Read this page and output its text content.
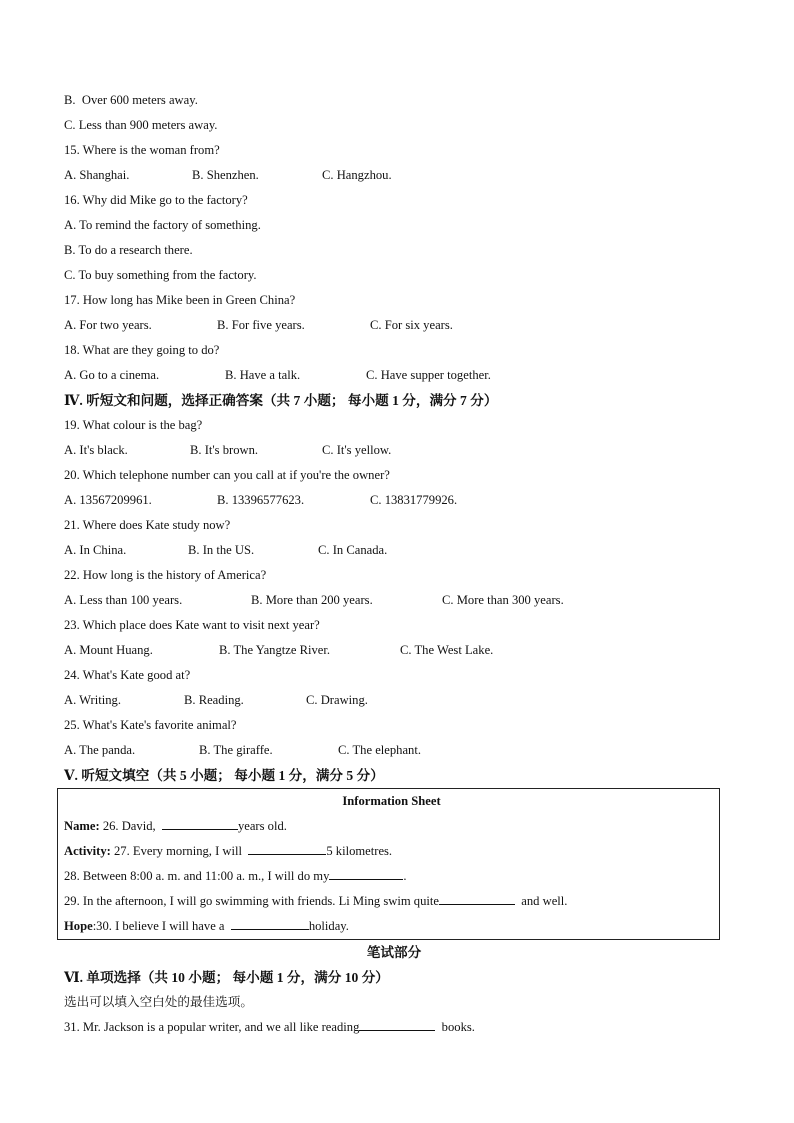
B. Over 600 meters away.
C. Less than 900 meters away.
15. Where is the woman from?
A. Shanghai.	B. Shenzhen.	C. Hangzhou.
16. Why did Mike go to the factory?
A. To remind the factory of something.
B. To do a research there.
C. To buy something from the factory.
17. How long has Mike been in Green China?
A. For two years.	B. For five years.	C. For six years.
18. What are they going to do?
A. Go to a cinema.	B. Have a talk.	C. Have supper together.
Ⅳ. 听短文和问题，选择正确答案（共 7 小题； 每小题 1 分，满分 7 分）
19. What colour is the bag?
A. It's black.	B. It's brown.	C. It's yellow.
20. Which telephone number can you call at if you're the owner?
A. 13567209961.	B. 13396577623.	C. 13831779926.
21. Where does Kate study now?
A. In China.	B. In the US.	C. In Canada.
22. How long is the history of America?
A. Less than 100 years.	B. More than 200 years.	C. More than 300 years.
23. Which place does Kate want to visit next year?
A. Mount Huang.	B. The Yangtze River.	C. The West Lake.
24. What's Kate good at?
A. Writing.	B. Reading.	C. Drawing.
25. What's Kate's favorite animal?
A. The panda.	B. The giraffe.	C. The elephant.
Ⅴ. 听短文填空（共 5 小题； 每小题 1 分，满分 5 分）
Information Sheet
Name: 26. David,	years old.
Activity: 27. Every morning, I will	5 kilometres.
28. Between 8:00 a. m. and 11:00 a. m., I will do my	.
29. In the afternoon, I will go swimming with friends. Li Ming swim quite	and well.
Hope:30. I believe I will have a	holiday.
笔试部分
Ⅵ. 单项选择（共 10 小题； 每小题 1 分，满分 10 分）
选出可以填入空白处的最佳选项。
31. Mr. Jackson is a popular writer, and we all like reading	books.
